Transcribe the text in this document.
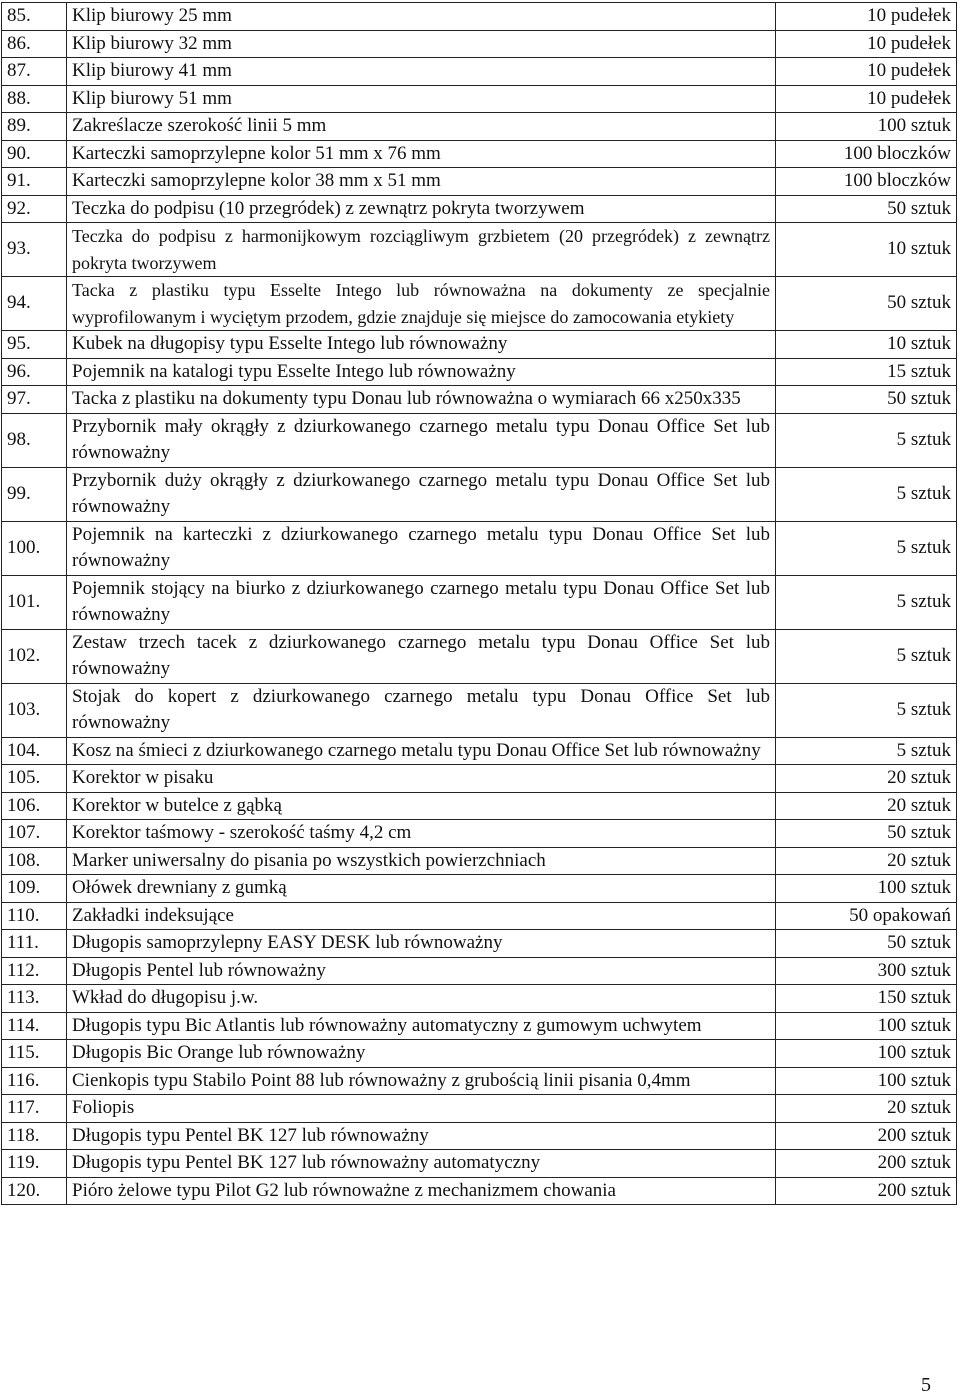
85.	Klip biurowy 25 mm	10 pudełek
86.	Klip biurowy 32 mm	10 pudełek
87.	Klip biurowy 41 mm	10 pudełek
88.	Klip biurowy 51 mm	10 pudełek
89.	Zakreślacze szerokość linii 5 mm	100 sztuk
90.	Karteczki samoprzylepne kolor 51 mm x 76 mm	100 bloczków
91.	Karteczki samoprzylepne kolor 38 mm x 51 mm	100 bloczków
92.	Teczka do podpisu (10 przegródek) z zewnątrz pokryta tworzywem	50 sztuk
93.	Teczka do podpisu z harmonijkowym rozciągliwym grzbietem (20 przegródek) z zewnątrz pokryta tworzywem	10 sztuk
94.	Tacka z plastiku typu Esselte Intego lub równoważna na dokumenty ze specjalnie wyprofilowanym i wyciętym przodem, gdzie znajduje się miejsce do zamocowania etykiety	50 sztuk
95.	Kubek na długopisy typu Esselte Intego lub równoważny	10 sztuk
96.	Pojemnik na katalogi typu Esselte Intego lub równoważny	15 sztuk
97.	Tacka z plastiku na dokumenty typu Donau lub równoważna o wymiarach 66 x250x335	50 sztuk
98.	Przybornik mały okrągły z dziurkowanego czarnego metalu typu Donau Office Set lub równoważny	5 sztuk
99.	Przybornik duży okrągły z dziurkowanego czarnego metalu typu Donau Office Set lub równoważny	5 sztuk
100.	Pojemnik na karteczki z dziurkowanego czarnego metalu typu Donau Office Set lub równoważny	5 sztuk
101.	Pojemnik stojący na biurko z dziurkowanego czarnego metalu typu Donau Office Set lub równoważny	5 sztuk
102.	Zestaw trzech tacek z dziurkowanego czarnego metalu typu Donau Office Set lub równoważny	5 sztuk
103.	Stojak do kopert z dziurkowanego czarnego metalu typu Donau Office Set lub równoważny	5 sztuk
104.	Kosz na śmieci z dziurkowanego czarnego metalu typu Donau Office Set lub równoważny	5 sztuk
105.	Korektor w pisaku	20 sztuk
106.	Korektor w butelce z gąbką	20 sztuk
107.	Korektor taśmowy - szerokość taśmy 4,2 cm	50 sztuk
108.	Marker uniwersalny do pisania po wszystkich powierzchniach	20 sztuk
109.	Ołówek drewniany z gumką	100 sztuk
110.	Zakładki indeksujące	50 opakowań
111.	Długopis samoprzylepny EASY DESK lub równoważny	50 sztuk
112.	Długopis Pentel lub równoważny	300 sztuk
113.	Wkład do długopisu j.w.	150 sztuk
114.	Długopis typu Bic Atlantis lub równoważny automatyczny z gumowym uchwytem	100 sztuk
115.	Długopis Bic Orange lub równoważny	100 sztuk
116.	Cienkopis typu Stabilo Point 88 lub równoważny z grubością linii pisania 0,4mm	100 sztuk
117.	Foliopis	20 sztuk
118.	Długopis typu Pentel BK 127 lub równoważny	200 sztuk
119.	Długopis typu Pentel BK 127 lub równoważny automatyczny	200 sztuk
120.	Pióro żelowe typu Pilot G2 lub równoważne z mechanizmem chowania	200 sztuk
5
